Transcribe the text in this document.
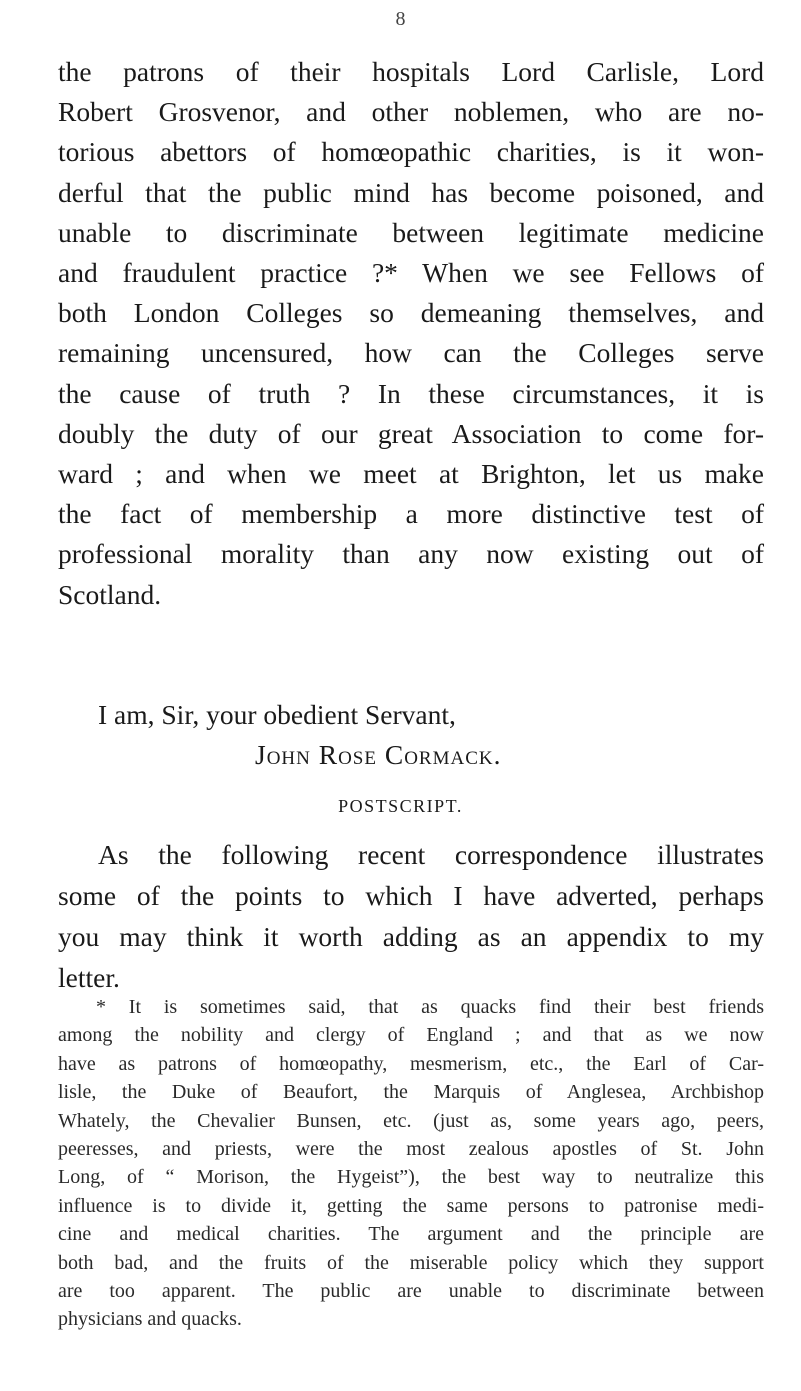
8
the patrons of their hospitals Lord Carlisle, Lord
Robert Grosvenor, and other noblemen, who are no-
torious abettors of homœopathic charities, is it won-
derful that the public mind has become poisoned, and
unable to discriminate between legitimate medicine
and fraudulent practice ?* When we see Fellows of
both London Colleges so demeaning themselves, and
remaining uncensured, how can the Colleges serve
the cause of truth ? In these circumstances, it is
doubly the duty of our great Association to come for-
ward ; and when we meet at Brighton, let us make
the fact of membership a more distinctive test of
professional morality than any now existing out of
Scotland.
I am, Sir, your obedient Servant,
John Rose Cormack.
POSTSCRIPT.
As the following recent correspondence illustrates
some of the points to which I have adverted, perhaps
you may think it worth adding as an appendix to my
letter.
* It is sometimes said, that as quacks find their best friends
among the nobility and clergy of England ; and that as we now
have as patrons of homœopathy, mesmerism, etc., the Earl of Car-
lisle, the Duke of Beaufort, the Marquis of Anglesea, Archbishop
Whately, the Chevalier Bunsen, etc. (just as, some years ago, peers,
peeresses, and priests, were the most zealous apostles of St. John
Long, of “ Morison, the Hygeist”), the best way to neutralize this
influence is to divide it, getting the same persons to patronise medi-
cine and medical charities. The argument and the principle are
both bad, and the fruits of the miserable policy which they support
are too apparent. The public are unable to discriminate between
physicians and quacks.
